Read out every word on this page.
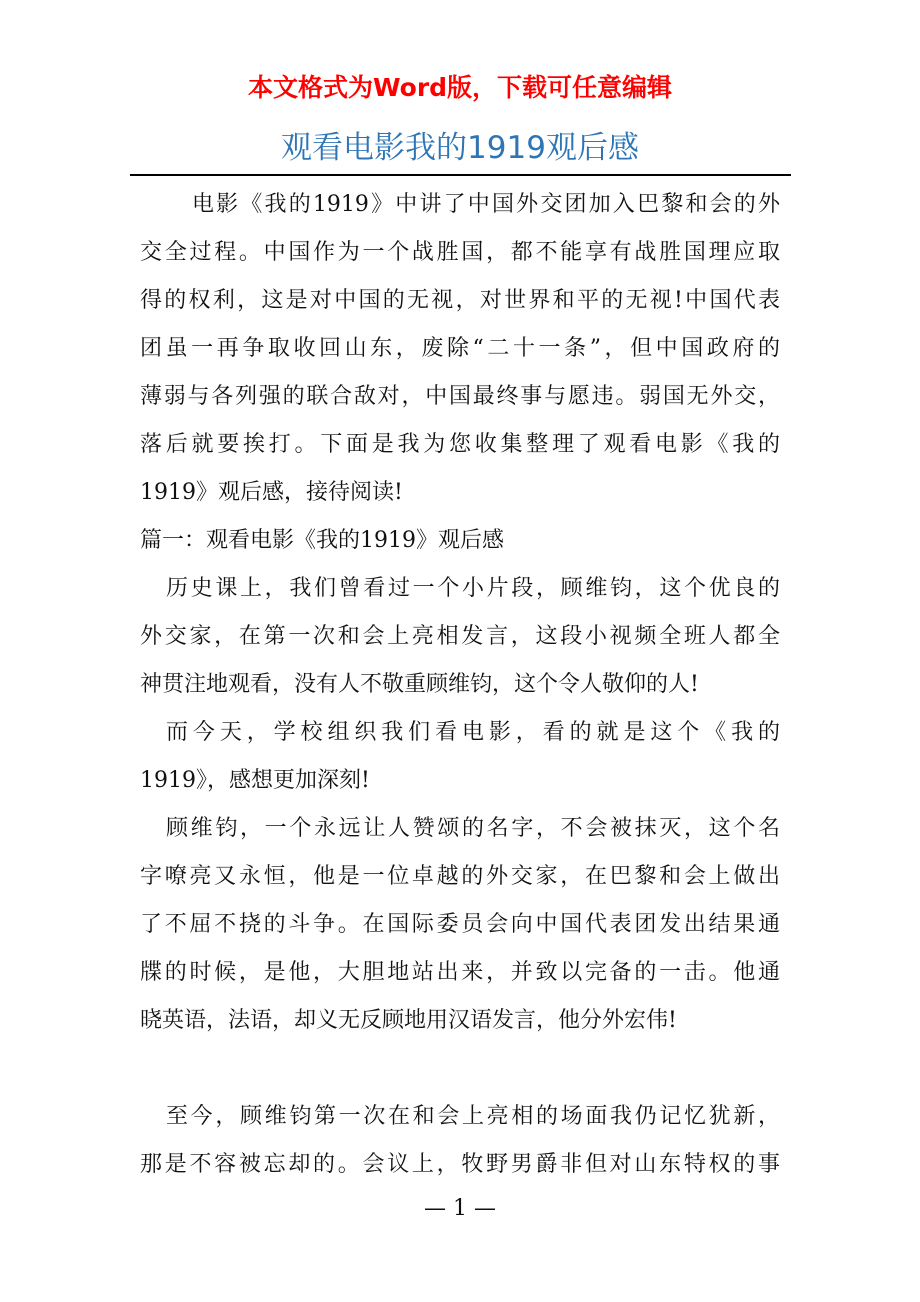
本文格式为Word版，下载可任意编辑
观看电影我的1919观后感
电影《我的1919》中讲了中国外交团加入巴黎和会的外
交全过程。中国作为一个战胜国，都不能享有战胜国理应取
得的权利，这是对中国的无视，对世界和平的无视!中国代表
团虽一再争取收回山东，废除“二十一条”，但中国政府的
薄弱与各列强的联合敌对，中国最终事与愿违。弱国无外交，
落后就要挨打。下面是我为您收集整理了观看电影《我的
1919》观后感，接待阅读!
篇一：观看电影《我的1919》观后感
历史课上，我们曾看过一个小片段，顾维钧，这个优良的
外交家，在第一次和会上亮相发言，这段小视频全班人都全
神贯注地观看，没有人不敬重顾维钧，这个令人敬仰的人!
而今天，学校组织我们看电影，看的就是这个《我的
1919》，感想更加深刻!
顾维钧，一个永远让人赞颂的名字，不会被抹灭，这个名
字嘹亮又永恒，他是一位卓越的外交家，在巴黎和会上做出
了不屈不挠的斗争。在国际委员会向中国代表团发出结果通
牒的时候，是他，大胆地站出来，并致以完备的一击。他通
晓英语，法语，却义无反顾地用汉语发言，他分外宏伟!
至今，顾维钧第一次在和会上亮相的场面我仍记忆犹新，
那是不容被忘却的。会议上，牧野男爵非但对山东特权的事
— 1 —
